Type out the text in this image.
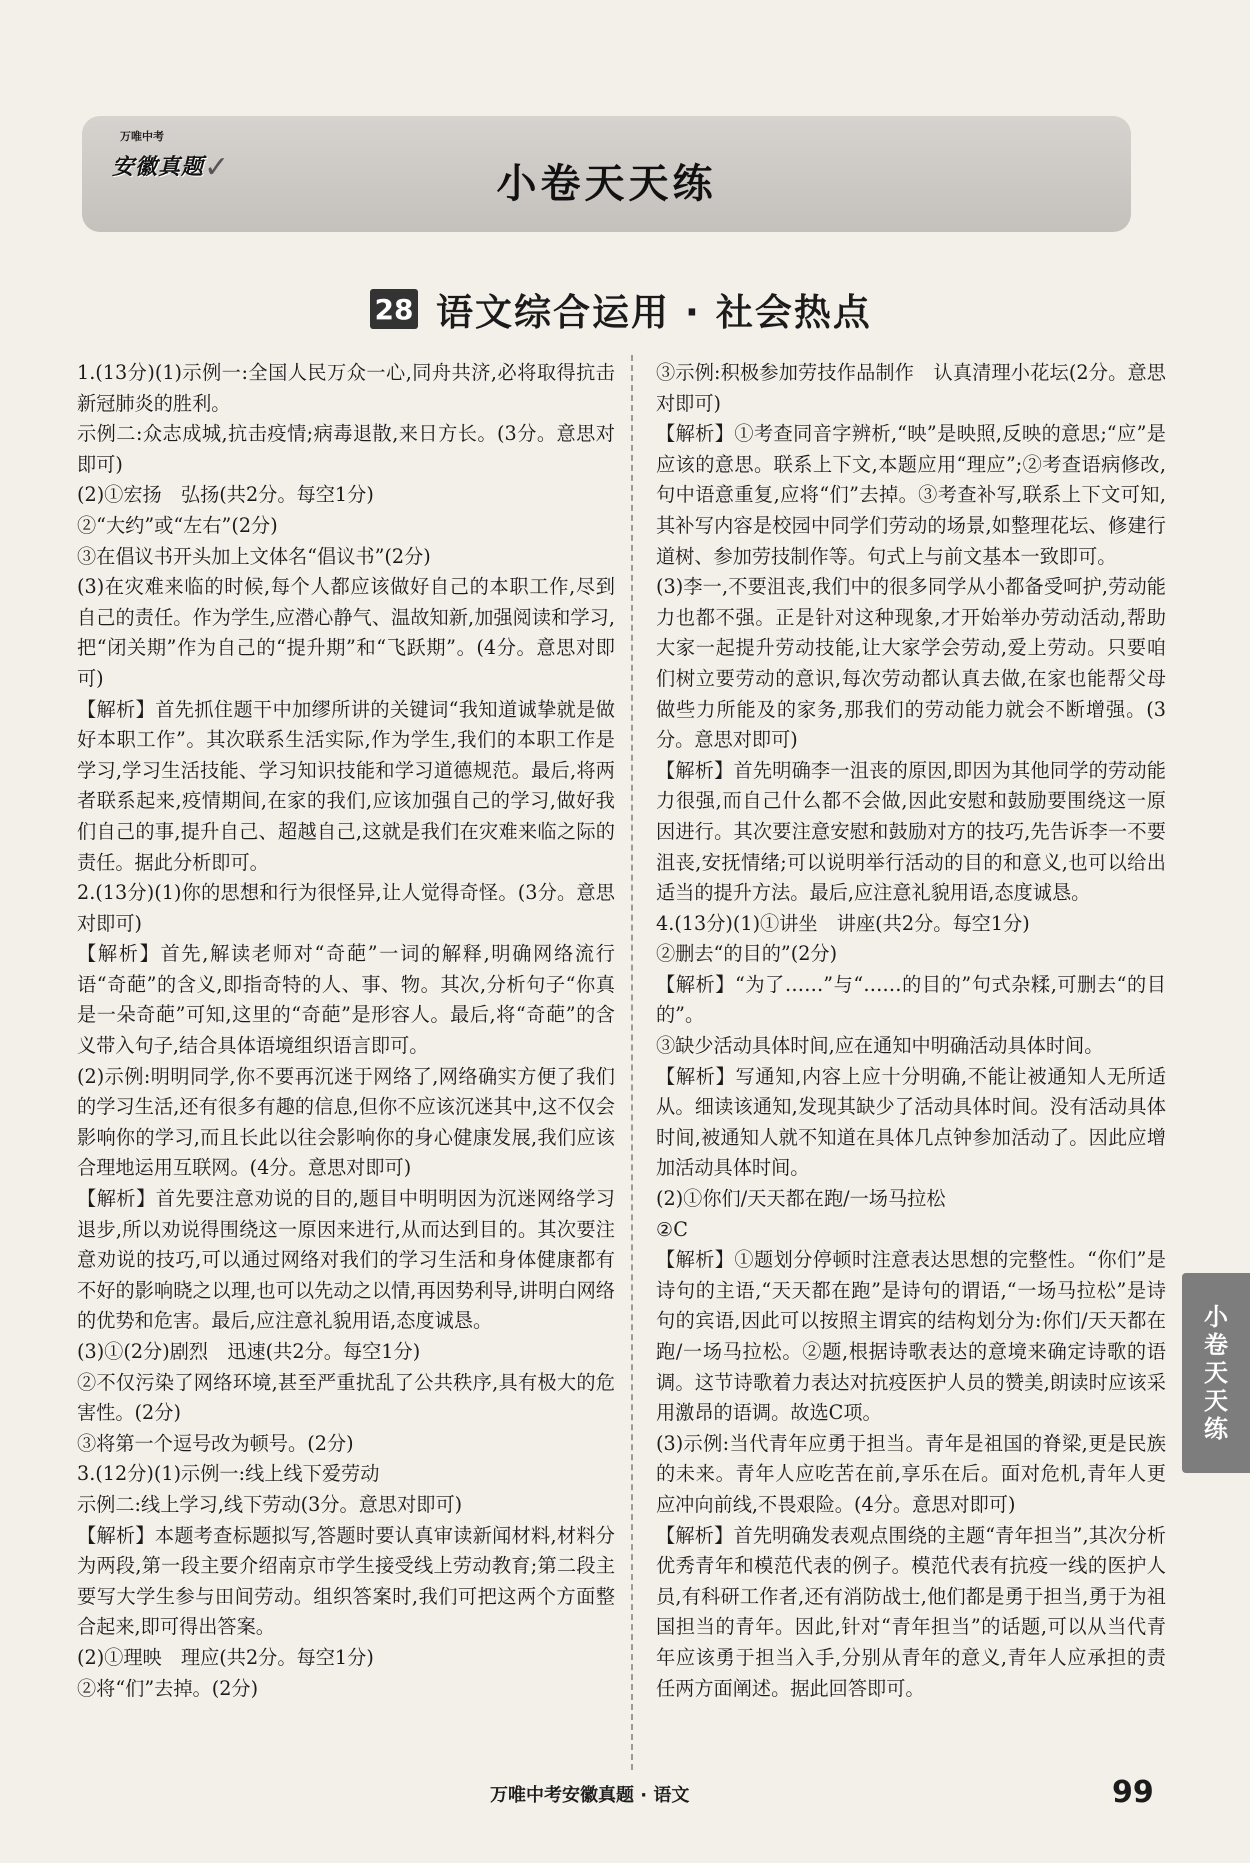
万唯中考
安徽真题 ✓	小卷天天练
28 语文综合运用 · 社会热点

1.(13分)(1)示例一:全国人民万众一心,同舟共济,必将取得抗击新冠肺炎的胜利。

示例二:众志成城,抗击疫情;病毒退散,来日方长。(3分。意思对即可)

(2)①宏扬　弘扬(共2分。每空1分)

②“大约”或“左右”(2分)

③在倡议书开头加上文体名“倡议书”(2分)

(3)在灾难来临的时候,每个人都应该做好自己的本职工作,尽到自己的责任。作为学生,应潜心静气、温故知新,加强阅读和学习,把“闭关期”作为自己的“提升期”和“飞跃期”。(4分。意思对即可)

【解析】首先抓住题干中加缪所讲的关键词“我知道诚挚就是做好本职工作”。其次联系生活实际,作为学生,我们的本职工作是学习,学习生活技能、学习知识技能和学习道德规范。最后,将两者联系起来,疫情期间,在家的我们,应该加强自己的学习,做好我们自己的事,提升自己、超越自己,这就是我们在灾难来临之际的责任。据此分析即可。

2.(13分)(1)你的思想和行为很怪异,让人觉得奇怪。(3分。意思对即可)

【解析】首先,解读老师对“奇葩”一词的解释,明确网络流行语“奇葩”的含义,即指奇特的人、事、物。其次,分析句子“你真是一朵奇葩”可知,这里的“奇葩”是形容人。最后,将“奇葩”的含义带入句子,结合具体语境组织语言即可。

(2)示例:明明同学,你不要再沉迷于网络了,网络确实方便了我们的学习生活,还有很多有趣的信息,但你不应该沉迷其中,这不仅会影响你的学习,而且长此以往会影响你的身心健康发展,我们应该合理地运用互联网。(4分。意思对即可)

【解析】首先要注意劝说的目的,题目中明明因为沉迷网络学习退步,所以劝说得围绕这一原因来进行,从而达到目的。其次要注意劝说的技巧,可以通过网络对我们的学习生活和身体健康都有不好的影响晓之以理,也可以先动之以情,再因势利导,讲明白网络的优势和危害。最后,应注意礼貌用语,态度诚恳。

(3)①(2分)剧烈　迅速(共2分。每空1分)

②不仅污染了网络环境,甚至严重扰乱了公共秩序,具有极大的危害性。(2分)

③将第一个逗号改为顿号。(2分)

3.(12分)(1)示例一:线上线下爱劳动

示例二:线上学习,线下劳动(3分。意思对即可)

【解析】本题考查标题拟写,答题时要认真审读新闻材料,材料分为两段,第一段主要介绍南京市学生接受线上劳动教育;第二段主要写大学生参与田间劳动。组织答案时,我们可把这两个方面整合起来,即可得出答案。

(2)①理映　理应(共2分。每空1分)

②将“们”去掉。(2分)

③示例:积极参加劳技作品制作　认真清理小花坛(2分。意思对即可)

【解析】①考查同音字辨析,“映”是映照,反映的意思;“应”是应该的意思。联系上下文,本题应用“理应”;②考查语病修改,句中语意重复,应将“们”去掉。③考查补写,联系上下文可知,其补写内容是校园中同学们劳动的场景,如整理花坛、修建行道树、参加劳技制作等。句式上与前文基本一致即可。

(3)李一,不要沮丧,我们中的很多同学从小都备受呵护,劳动能力也都不强。正是针对这种现象,才开始举办劳动活动,帮助大家一起提升劳动技能,让大家学会劳动,爱上劳动。只要咱们树立要劳动的意识,每次劳动都认真去做,在家也能帮父母做些力所能及的家务,那我们的劳动能力就会不断增强。(3分。意思对即可)

【解析】首先明确李一沮丧的原因,即因为其他同学的劳动能力很强,而自己什么都不会做,因此安慰和鼓励要围绕这一原因进行。其次要注意安慰和鼓励对方的技巧,先告诉李一不要沮丧,安抚情绪;可以说明举行活动的目的和意义,也可以给出适当的提升方法。最后,应注意礼貌用语,态度诚恳。

4.(13分)(1)①讲坐　讲座(共2分。每空1分)

②删去“的目的”(2分)

【解析】“为了……”与“……的目的”句式杂糅,可删去“的目的”。

③缺少活动具体时间,应在通知中明确活动具体时间。

【解析】写通知,内容上应十分明确,不能让被通知人无所适从。细读该通知,发现其缺少了活动具体时间。没有活动具体时间,被通知人就不知道在具体几点钟参加活动了。因此应增加活动具体时间。

(2)①你们/天天都在跑/一场马拉松

②C

【解析】①题划分停顿时注意表达思想的完整性。“你们”是诗句的主语,“天天都在跑”是诗句的谓语,“一场马拉松”是诗句的宾语,因此可以按照主谓宾的结构划分为:你们/天天都在跑/一场马拉松。②题,根据诗歌表达的意境来确定诗歌的语调。这节诗歌着力表达对抗疫医护人员的赞美,朗读时应该采用激昂的语调。故选C项。

(3)示例:当代青年应勇于担当。青年是祖国的脊梁,更是民族的未来。青年人应吃苦在前,享乐在后。面对危机,青年人更应冲向前线,不畏艰险。(4分。意思对即可)

【解析】首先明确发表观点围绕的主题“青年担当”,其次分析优秀青年和模范代表的例子。模范代表有抗疫一线的医护人员,有科研工作者,还有消防战士,他们都是勇于担当,勇于为祖国担当的青年。因此,针对“青年担当”的话题,可以从当代青年应该勇于担当入手,分别从青年的意义,青年人应承担的责任两方面阐述。据此回答即可。

小
卷
天
天
练
万唯中考安徽真题 · 语文	99
